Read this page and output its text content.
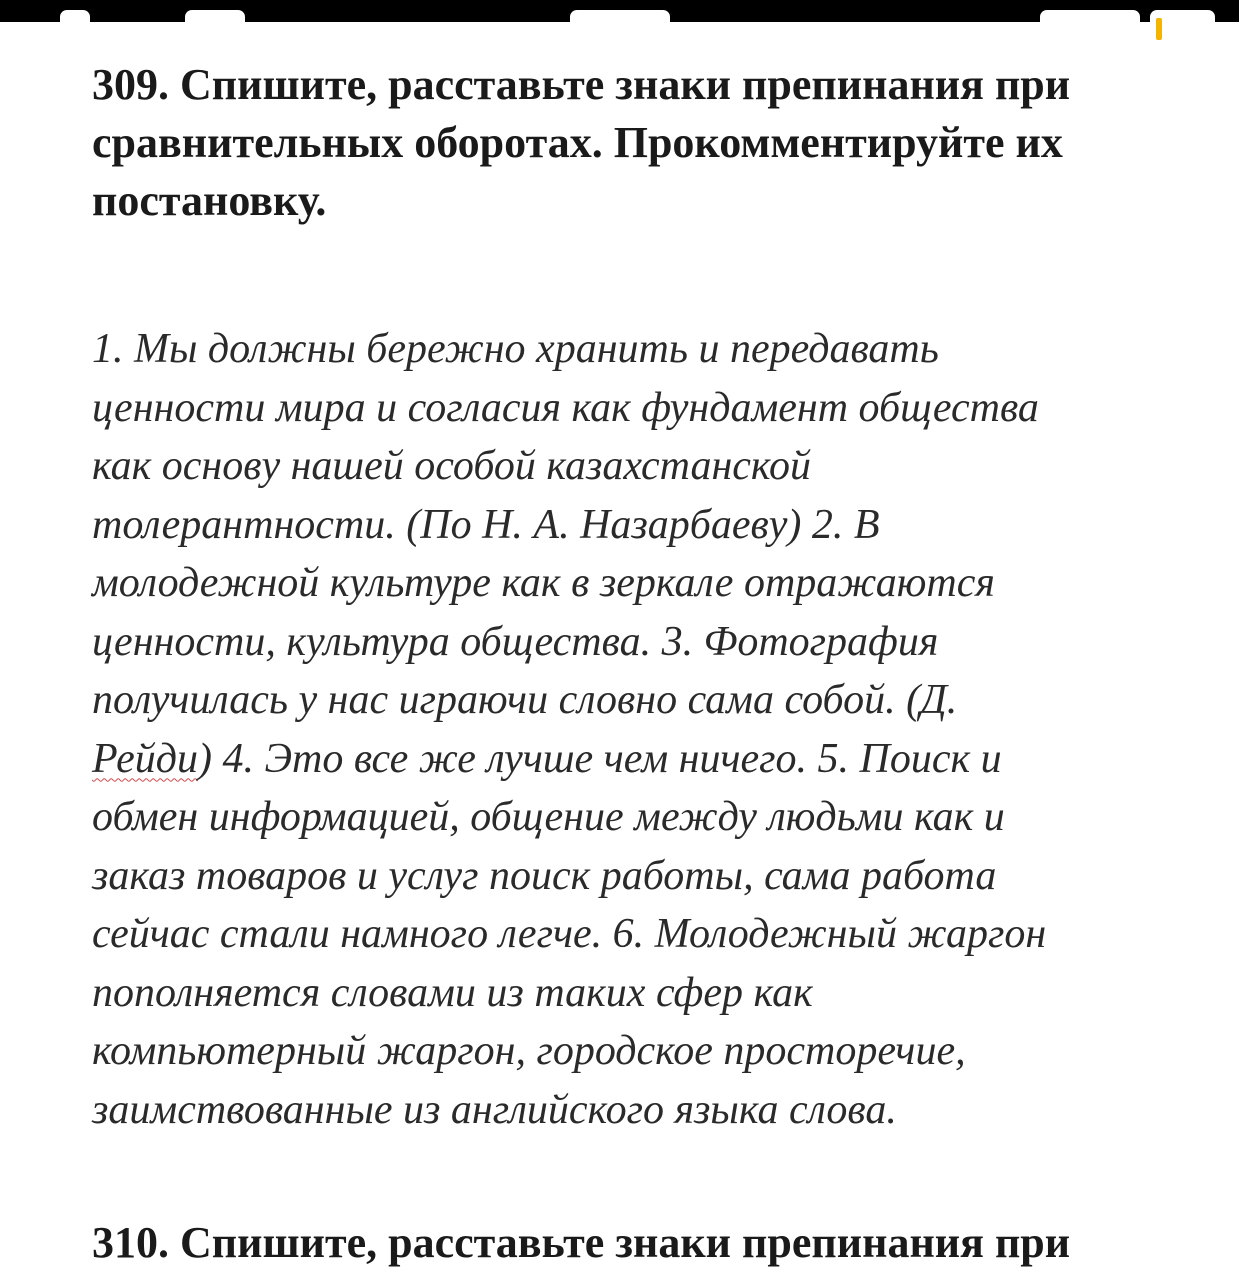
309. Спишите, расставьте знаки препинания при
сравнительных оборотах. Прокомментируйте их
постановку.
1. Мы должны бережно хранить и передавать
ценности мира и согласия как фундамент общества
как основу нашей особой казахстанской
толерантности. (По Н. А. Назарбаеву) 2. В
молодежной культуре как в зеркале отражаются
ценности, культура общества. 3. Фотография
получилась у нас играючи словно сама собой. (Д.
Рейди) 4. Это все же лучше чем ничего. 5. Поиск и
обмен информацией, общение между людьми как и
заказ товаров и услуг поиск работы, сама работа
сейчас стали намного легче. 6. Молодежный жаргон
пополняется словами из таких сфер как
компьютерный жаргон, городское просторечие,
заимствованные из английского языка слова.
310. Спишите, расставьте знаки препинания при
